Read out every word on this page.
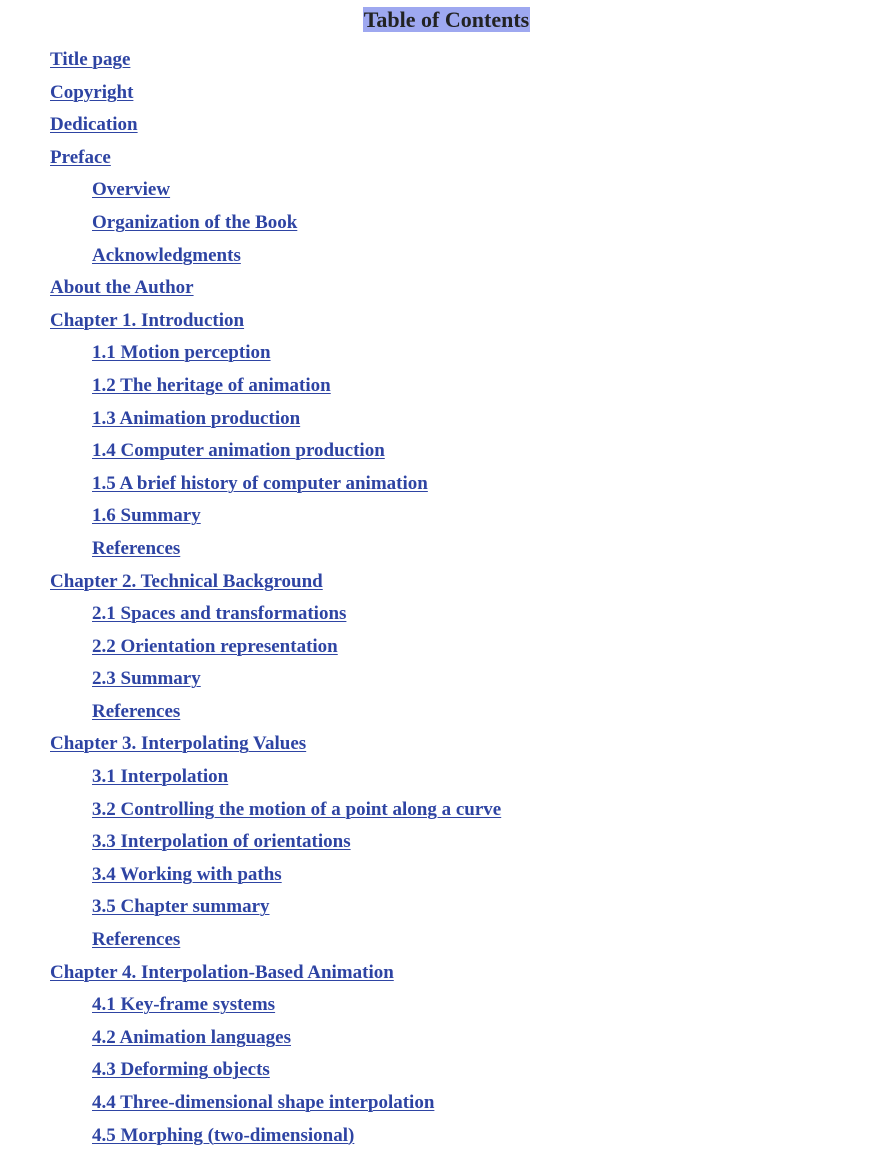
Table of Contents
Title page
Copyright
Dedication
Preface
Overview
Organization of the Book
Acknowledgments
About the Author
Chapter 1. Introduction
1.1 Motion perception
1.2 The heritage of animation
1.3 Animation production
1.4 Computer animation production
1.5 A brief history of computer animation
1.6 Summary
References
Chapter 2. Technical Background
2.1 Spaces and transformations
2.2 Orientation representation
2.3 Summary
References
Chapter 3. Interpolating Values
3.1 Interpolation
3.2 Controlling the motion of a point along a curve
3.3 Interpolation of orientations
3.4 Working with paths
3.5 Chapter summary
References
Chapter 4. Interpolation-Based Animation
4.1 Key-frame systems
4.2 Animation languages
4.3 Deforming objects
4.4 Three-dimensional shape interpolation
4.5 Morphing (two-dimensional)
